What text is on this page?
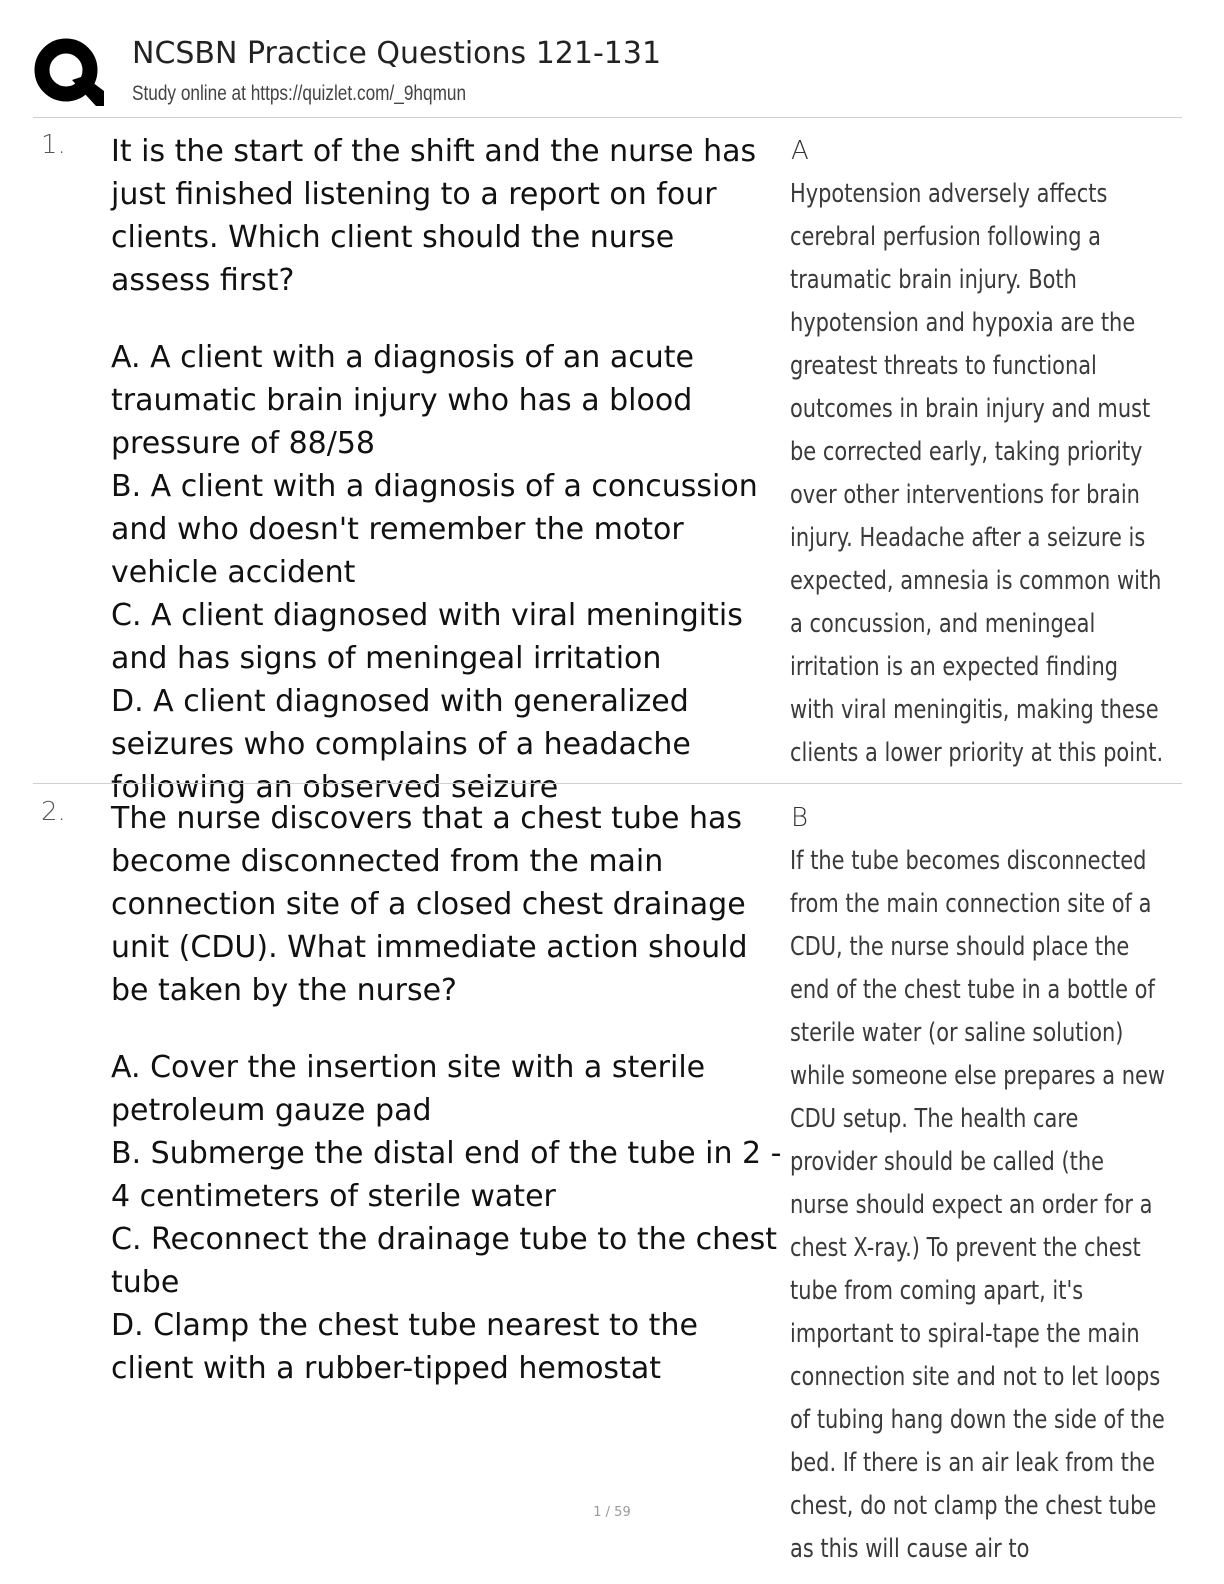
NCSBN Practice Questions 121-131
Study online at https://quizlet.com/_9hqmun
1. It is the start of the shift and the nurse has just finished listening to a report on four clients. Which client should the nurse assess first?

A. A client with a diagnosis of an acute traumatic brain injury who has a blood pressure of 88/58

B. A client with a diagnosis of a concussion and who doesn't remember the motor vehicle accident

C. A client diagnosed with viral meningitis and has signs of meningeal irritation

D. A client diagnosed with generalized seizures who complains of a headache following an observed seizure

A
Hypotension adversely affects cerebral perfusion following a traumatic brain injury. Both hypotension and hypoxia are the greatest threats to functional outcomes in brain injury and must be corrected early, taking priority over other interventions for brain injury. Headache after a seizure is expected, amnesia is common with a concussion, and meningeal irritation is an expected finding with viral meningitis, making these clients a lower priority at this point.
2. The nurse discovers that a chest tube has become disconnected from the main connection site of a closed chest drainage unit (CDU). What immediate action should be taken by the nurse?

A. Cover the insertion site with a sterile petroleum gauze pad

B. Submerge the distal end of the tube in 2 - 4 centimeters of sterile water

C. Reconnect the drainage tube to the chest tube

D. Clamp the chest tube nearest to the client with a rubber-tipped hemostat

B
If the tube becomes disconnected from the main connection site of a CDU, the nurse should place the end of the chest tube in a bottle of sterile water (or saline solution) while someone else prepares a new CDU setup. The health care provider should be called (the nurse should expect an order for a chest X-ray.) To prevent the chest tube from coming apart, it's important to spiral-tape the main connection site and not to let loops of tubing hang down the side of the bed. If there is an air leak from the chest, do not clamp the chest tube as this will cause air to
1 / 59
